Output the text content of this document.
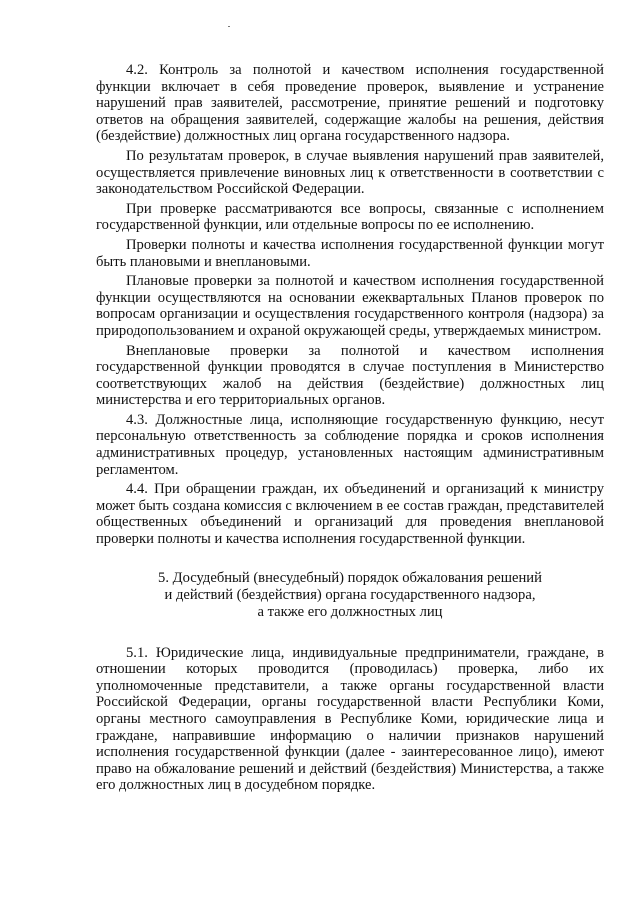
4.2. Контроль за полнотой и качеством исполнения государственной функции включает в себя проведение проверок, выявление и устранение нарушений прав заявителей, рассмотрение, принятие решений и подготовку ответов на обращения заявителей, содержащие жалобы на решения, действия (бездействие) должностных лиц органа государственного надзора.

По результатам проверок, в случае выявления нарушений прав заявителей, осуществляется привлечение виновных лиц к ответственности в соответствии с законодательством Российской Федерации.

При проверке рассматриваются все вопросы, связанные с исполнением государственной функции, или отдельные вопросы по ее исполнению.

Проверки полноты и качества исполнения государственной функции могут быть плановыми и внеплановыми.

Плановые проверки за полнотой и качеством исполнения государственной функции осуществляются на основании ежеквартальных Планов проверок по вопросам организации и осуществления государственного контроля (надзора) за природопользованием и охраной окружающей среды, утверждаемых министром.

Внеплановые проверки за полнотой и качеством исполнения государственной функции проводятся в случае поступления в Министерство соответствующих жалоб на действия (бездействие) должностных лиц министерства и его территориальных органов.

4.3. Должностные лица, исполняющие государственную функцию, несут персональную ответственность за соблюдение порядка и сроков исполнения административных процедур, установленных настоящим административным регламентом.

4.4. При обращении граждан, их объединений и организаций к министру может быть создана комиссия с включением в ее состав граждан, представителей общественных объединений и организаций для проведения внеплановой проверки полноты и качества исполнения государственной функции.

5. Досудебный (внесудебный) порядок обжалования решений
и действий (бездействия) органа государственного надзора,
а также его должностных лиц

5.1. Юридические лица, индивидуальные предприниматели, граждане, в отношении которых проводится (проводилась) проверка, либо их уполномоченные представители, а также органы государственной власти Российской Федерации, органы государственной власти Республики Коми, органы местного самоуправления в Республике Коми, юридические лица и граждане, направившие информацию о наличии признаков нарушений исполнения государственной функции (далее - заинтересованное лицо), имеют право на обжалование решений и действий (бездействия) Министерства, а также его должностных лиц в досудебном порядке.
